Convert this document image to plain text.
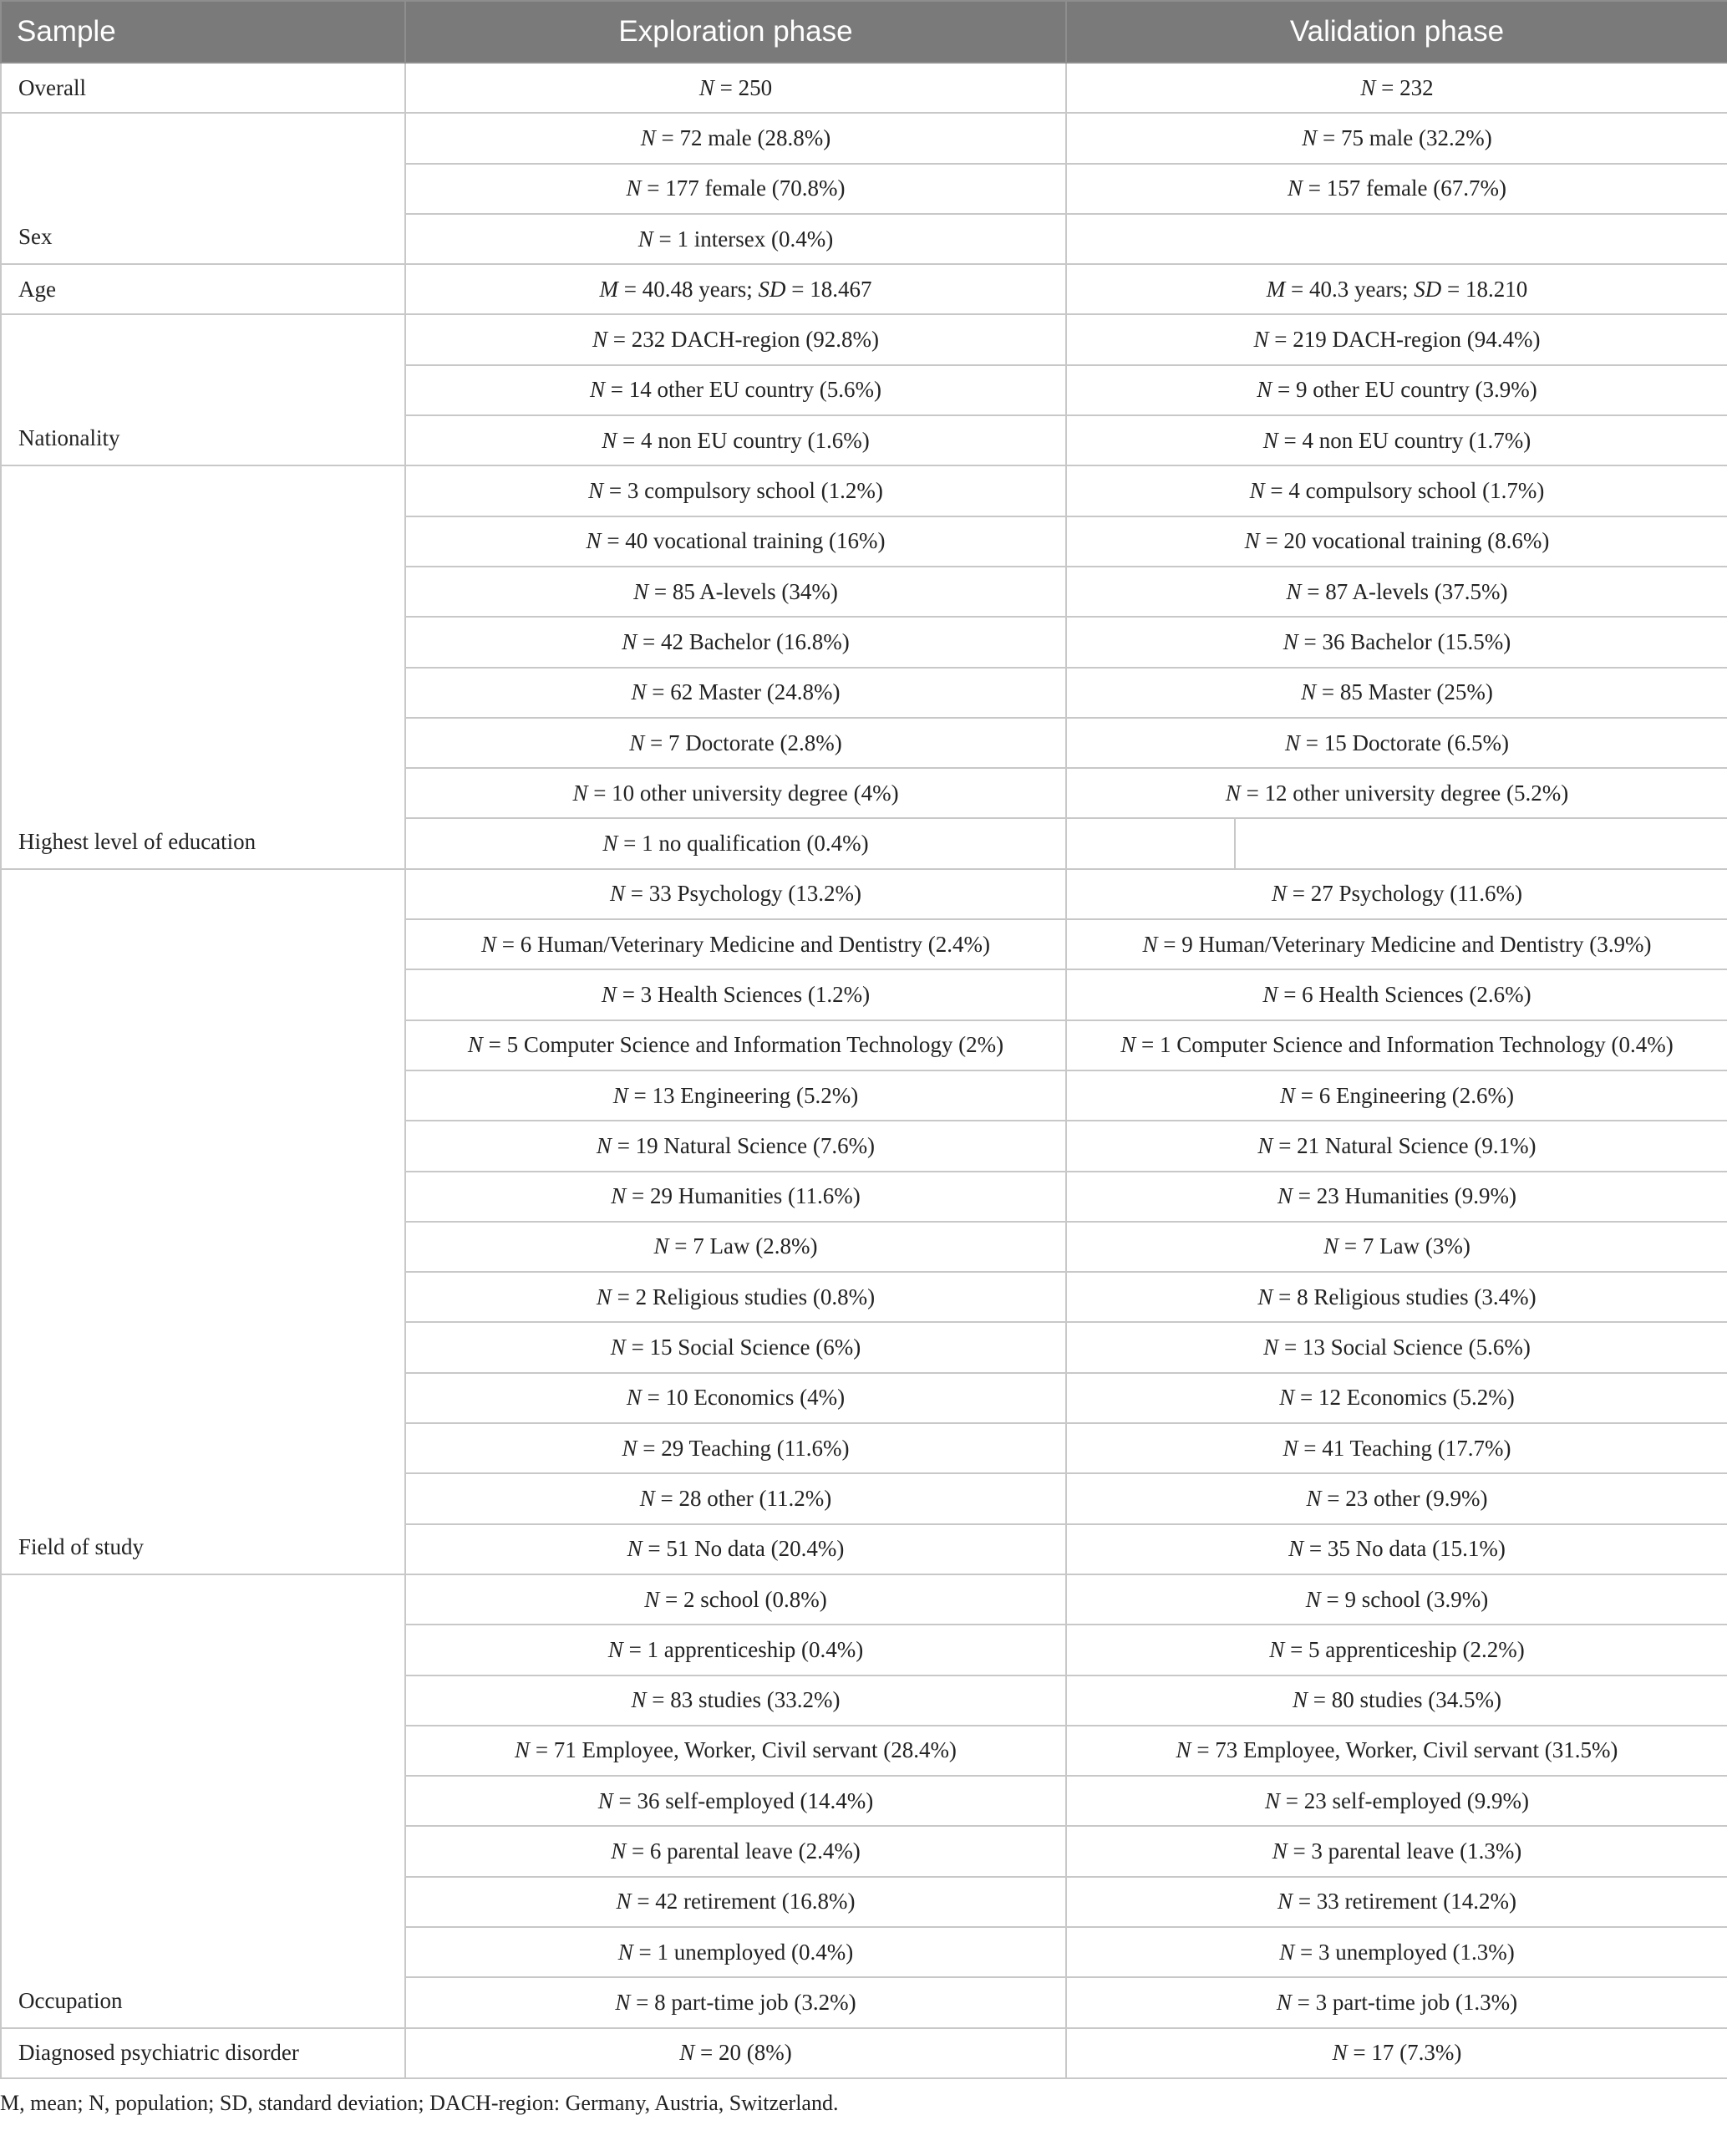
Sample	Exploration phase	Validation phase
Overall	N = 250	N = 232
Sex	N = 72 male (28.8%)	N = 75 male (32.2%)
	N = 177 female (70.8%)	N = 157 female (67.7%)
	N = 1 intersex (0.4%)	
Age	M = 40.48 years; SD = 18.467	M = 40.3 years; SD = 18.210
Nationality	N = 232 DACH-region (92.8%)	N = 219 DACH-region (94.4%)
	N = 14 other EU country (5.6%)	N = 9 other EU country (3.9%)
	N = 4 non EU country (1.6%)	N = 4 non EU country (1.7%)
Highest level of education	N = 3 compulsory school (1.2%)	N = 4 compulsory school (1.7%)
	N = 40 vocational training (16%)	N = 20 vocational training (8.6%)
	N = 85 A-levels (34%)	N = 87 A-levels (37.5%)
	N = 42 Bachelor (16.8%)	N = 36 Bachelor (15.5%)
	N = 62 Master (24.8%)	N = 85 Master (25%)
	N = 7 Doctorate (2.8%)	N = 15 Doctorate (6.5%)
	N = 10 other university degree (4%)	N = 12 other university degree (5.2%)
	N = 1 no qualification (0.4%)	

Field of study	N = 33 Psychology (13.2%)	N = 27 Psychology (11.6%)
	N = 6 Human/Veterinary Medicine and Dentistry (2.4%)	N = 9 Human/Veterinary Medicine and Dentistry (3.9%)
	N = 3 Health Sciences (1.2%)	N = 6 Health Sciences (2.6%)
	N = 5 Computer Science and Information Technology (2%)	N = 1 Computer Science and Information Technology (0.4%)
	N = 13 Engineering (5.2%)	N = 6 Engineering (2.6%)
	N = 19 Natural Science (7.6%)	N = 21 Natural Science (9.1%)
	N = 29 Humanities (11.6%)	N = 23 Humanities (9.9%)
	N = 7 Law (2.8%)	N = 7 Law (3%)
	N = 2 Religious studies (0.8%)	N = 8 Religious studies (3.4%)
	N = 15 Social Science (6%)	N = 13 Social Science (5.6%)
	N = 10 Economics (4%)	N = 12 Economics (5.2%)
	N = 29 Teaching (11.6%)	N = 41 Teaching (17.7%)
	N = 28 other (11.2%)	N = 23 other (9.9%)
	N = 51 No data (20.4%)	N = 35 No data (15.1%)
Occupation	N = 2 school (0.8%)	N = 9 school (3.9%)
	N = 1 apprenticeship (0.4%)	N = 5 apprenticeship (2.2%)
	N = 83 studies (33.2%)	N = 80 studies (34.5%)
	N = 71 Employee, Worker, Civil servant (28.4%)	N = 73 Employee, Worker, Civil servant (31.5%)
	N = 36 self-employed (14.4%)	N = 23 self-employed (9.9%)
	N = 6 parental leave (2.4%)	N = 3 parental leave (1.3%)
	N = 42 retirement (16.8%)	N = 33 retirement (14.2%)
	N = 1 unemployed (0.4%)	N = 3 unemployed (1.3%)
	N = 8 part-time job (3.2%)	N = 3 part-time job (1.3%)
Diagnosed psychiatric disorder	N = 20 (8%)	N = 17 (7.3%)
M, mean; N, population; SD, standard deviation; DACH-region: Germany, Austria, Switzerland.
